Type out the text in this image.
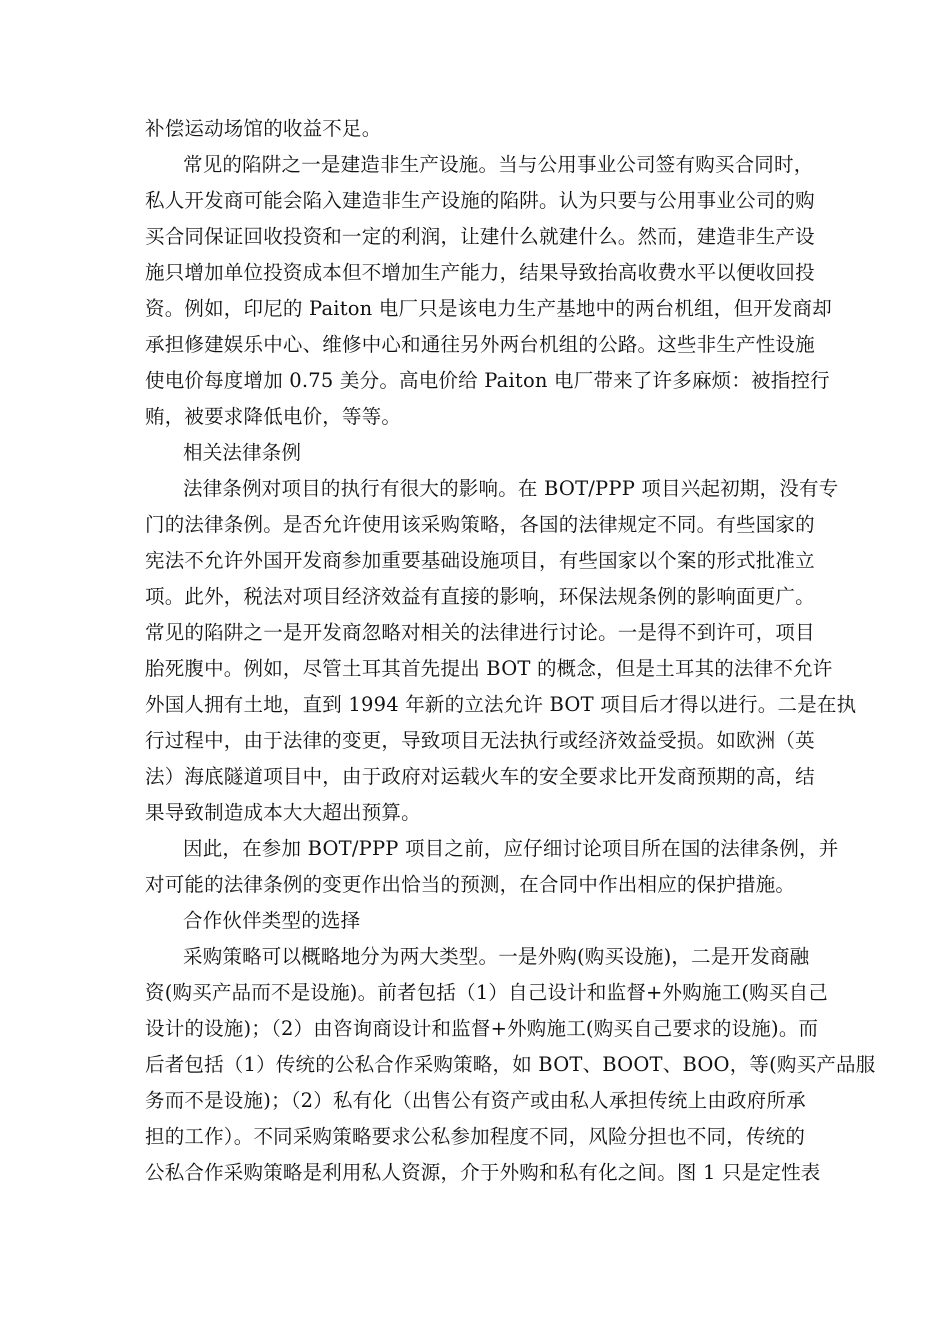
补偿运动场馆的收益不足。
常见的陷阱之一是建造非生产设施。当与公用事业公司签有购买合同时，
私人开发商可能会陷入建造非生产设施的陷阱。认为只要与公用事业公司的购
买合同保证回收投资和一定的利润，让建什么就建什么。然而，建造非生产设
施只增加单位投资成本但不增加生产能力，结果导致抬高收费水平以便收回投
资。例如，印尼的 Paiton 电厂只是该电力生产基地中的两台机组，但开发商却
承担修建娱乐中心、维修中心和通往另外两台机组的公路。这些非生产性设施
使电价每度增加 0.75 美分。高电价给 Paiton 电厂带来了许多麻烦：被指控行
贿，被要求降低电价，等等。
相关法律条例
法律条例对项目的执行有很大的影响。在 BOT/PPP 项目兴起初期，没有专
门的法律条例。是否允许使用该采购策略，各国的法律规定不同。有些国家的
宪法不允许外国开发商参加重要基础设施项目，有些国家以个案的形式批准立
项。此外，税法对项目经济效益有直接的影响，环保法规条例的影响面更广。
常见的陷阱之一是开发商忽略对相关的法律进行讨论。一是得不到许可，项目
胎死腹中。例如，尽管土耳其首先提出 BOT 的概念，但是土耳其的法律不允许
外国人拥有土地，直到 1994 年新的立法允许 BOT 项目后才得以进行。二是在执
行过程中，由于法律的变更，导致项目无法执行或经济效益受损。如欧洲（英
法）海底隧道项目中，由于政府对运载火车的安全要求比开发商预期的高，结
果导致制造成本大大超出预算。
因此，在参加 BOT/PPP 项目之前，应仔细讨论项目所在国的法律条例，并
对可能的法律条例的变更作出恰当的预测，在合同中作出相应的保护措施。
合作伙伴类型的选择
采购策略可以概略地分为两大类型。一是外购(购买设施)，二是开发商融
资(购买产品而不是设施)。前者包括（1）自己设计和监督+外购施工(购买自己
设计的设施)；（2）由咨询商设计和监督+外购施工(购买自己要求的设施)。而
后者包括（1）传统的公私合作采购策略，如 BOT、BOOT、BOO，等(购买产品服
务而不是设施)；（2）私有化（出售公有资产或由私人承担传统上由政府所承
担的工作）。不同采购策略要求公私参加程度不同，风险分担也不同，传统的
公私合作采购策略是利用私人资源，介于外购和私有化之间。图 1 只是定性表
